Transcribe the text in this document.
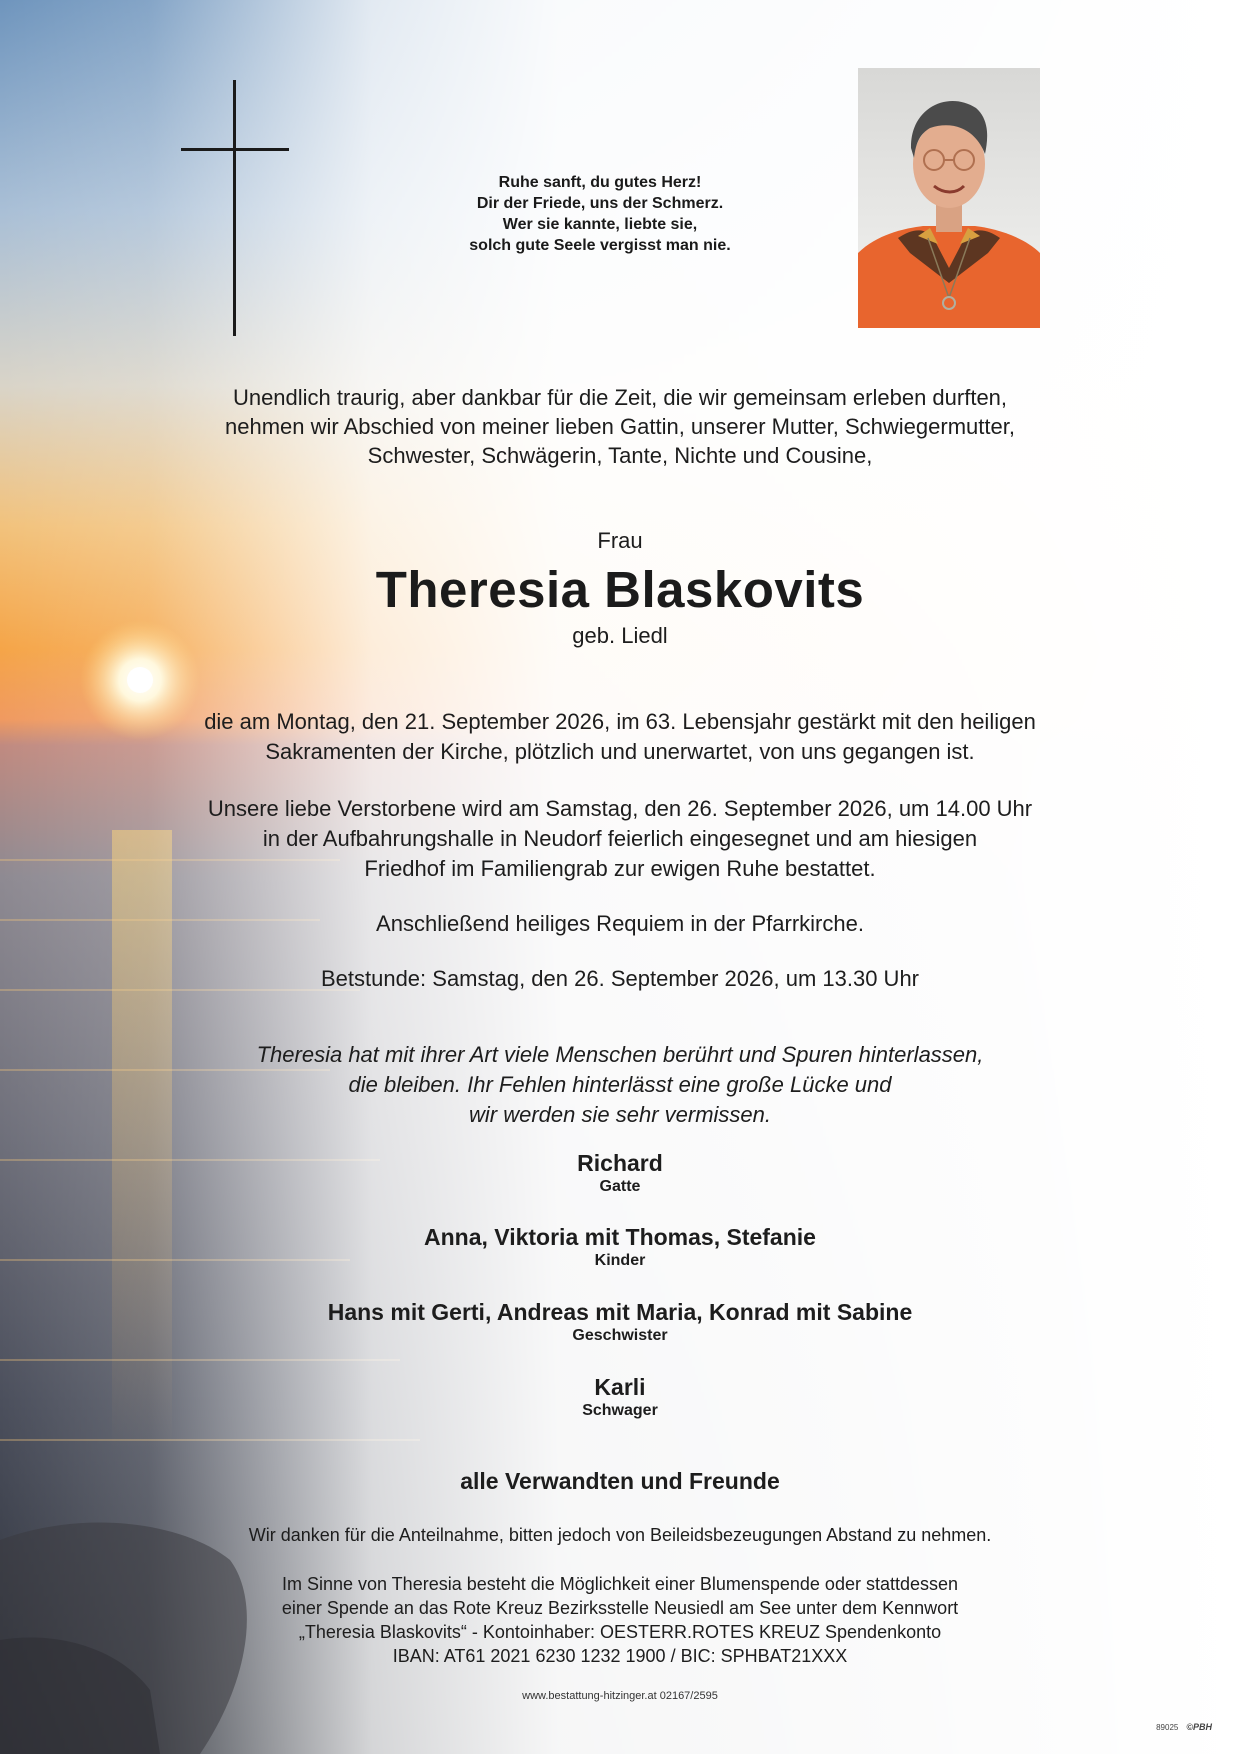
Ruhe sanft, du gutes Herz!
Dir der Friede, uns der Schmerz.
Wer sie kannte, liebte sie,
solch gute Seele vergisst man nie.
Unendlich traurig, aber dankbar für die Zeit, die wir gemeinsam erleben durften,
nehmen wir Abschied von meiner lieben Gattin, unserer Mutter, Schwiegermutter,
Schwester, Schwägerin, Tante, Nichte und Cousine,
Frau
Theresia Blaskovits
geb. Liedl
die am Montag, den 21. September 2026, im 63. Lebensjahr gestärkt mit den heiligen
Sakramenten der Kirche, plötzlich und unerwartet, von uns gegangen ist.
Unsere liebe Verstorbene wird am Samstag, den 26. September 2026, um 14.00 Uhr
in der Aufbahrungshalle in Neudorf feierlich eingesegnet und am hiesigen
Friedhof im Familiengrab zur ewigen Ruhe bestattet.
Anschließend heiliges Requiem in der Pfarrkirche.
Betstunde: Samstag, den 26. September 2026, um 13.30 Uhr
Theresia hat mit ihrer Art viele Menschen berührt und Spuren hinterlassen,
die bleiben. Ihr Fehlen hinterlässt eine große Lücke und
wir werden sie sehr vermissen.
Richard
Gatte
Anna, Viktoria mit Thomas, Stefanie
Kinder
Hans mit Gerti, Andreas mit Maria, Konrad mit Sabine
Geschwister
Karli
Schwager
alle Verwandten und Freunde
Wir danken für die Anteilnahme, bitten jedoch von Beileidsbezeugungen Abstand zu nehmen.
Im Sinne von Theresia besteht die Möglichkeit einer Blumenspende oder stattdessen
einer Spende an das Rote Kreuz Bezirksstelle Neusiedl am See unter dem Kennwort
„Theresia Blaskovits“ - Kontoinhaber: OESTERR.ROTES KREUZ Spendenkonto
IBAN: AT61 2021 6230 1232 1900 / BIC: SPHBAT21XXX
www.bestattung-hitzinger.at 02167/2595
89025 ©PBH
